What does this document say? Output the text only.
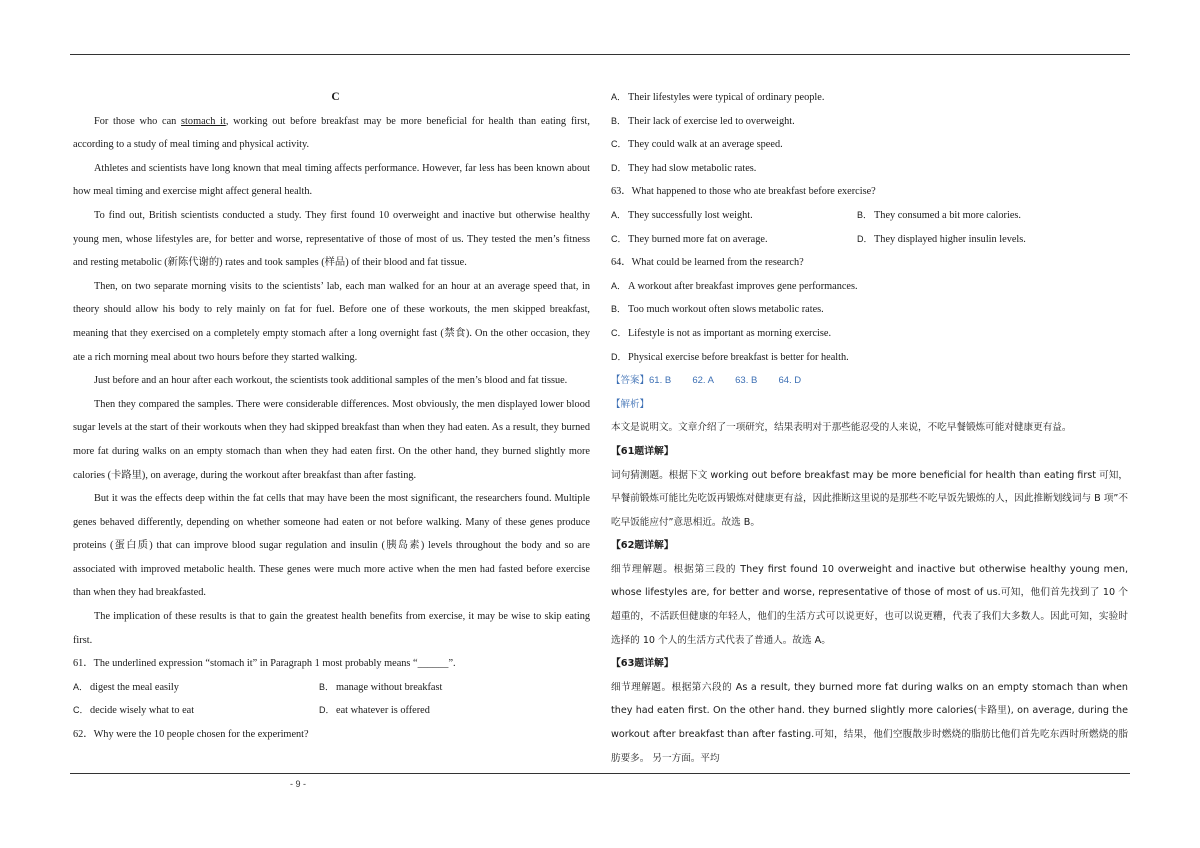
C

For those who can stomach it, working out before breakfast may be more beneficial for health than eating first, according to a study of meal timing and physical activity.

Athletes and scientists have long known that meal timing affects performance. However, far less has been known about how meal timing and exercise might affect general health.

To find out, British scientists conducted a study. They first found 10 overweight and inactive but otherwise healthy young men, whose lifestyles are, for better and worse, representative of those of most of us. They tested the men’s fitness and resting metabolic (新陈代谢的) rates and took samples (样品) of their blood and fat tissue.

Then, on two separate morning visits to the scientists’ lab, each man walked for an hour at an average speed that, in theory should allow his body to rely mainly on fat for fuel. Before one of these workouts, the men skipped breakfast, meaning that they exercised on a completely empty stomach after a long overnight fast (禁食). On the other occasion, they ate a rich morning meal about two hours before they started walking.

Just before and an hour after each workout, the scientists took additional samples of the men’s blood and fat tissue.

Then they compared the samples. There were considerable differences. Most obviously, the men displayed lower blood sugar levels at the start of their workouts when they had skipped breakfast than when they had eaten. As a result, they burned more fat during walks on an empty stomach than when they had eaten first. On the other hand, they burned slightly more calories (卡路里), on average, during the workout after breakfast than after fasting.

But it was the effects deep within the fat cells that may have been the most significant, the researchers found. Multiple genes behaved differently, depending on whether someone had eaten or not before walking. Many of these genes produce proteins (蛋白质) that can improve blood sugar regulation and insulin (胰岛素) levels throughout the body and so are associated with improved metabolic health. These genes were much more active when the men had fasted before exercise than when they had breakfasted.

The implication of these results is that to gain the greatest health benefits from exercise, it may be wise to skip eating first.

61．The underlined expression “stomach it” in Paragraph 1 most probably means “______”.

A． digest the meal easily	B． manage without breakfast
C． decide wisely what to eat	D． eat whatever is offered

62．Why were the 10 people chosen for the experiment?

A． Their lifestyles were typical of ordinary people.

B． Their lack of exercise led to overweight.

C． They could walk at an average speed.

D． They had slow metabolic rates.

63．What happened to those who ate breakfast before exercise?

A． They successfully lost weight.	B． They consumed a bit more calories.
C． They burned more fat on average.	D． They displayed higher insulin levels.

64．What could be learned from the research?

A． A workout after breakfast improves gene performances.

B． Too much workout often slows metabolic rates.

C． Lifestyle is not as important as morning exercise.

D． Physical exercise before breakfast is better for health.

【答案】61. B 62. A 63. B 64. D

【解析】

本文是说明文。文章介绍了一项研究，结果表明对于那些能忍受的人来说，不吃早餐锻炼可能对健康更有益。

【61题详解】

词句猜测题。根据下文 working out before breakfast may be more beneficial for health than eating first 可知，早餐前锻炼可能比先吃饭再锻炼对健康更有益，因此推断这里说的是那些不吃早饭先锻炼的人，因此推断划线词与 B 项”不吃早饭能应付”意思相近。故选 B。

【62题详解】

细节理解题。根据第三段的 They first found 10 overweight and inactive but otherwise healthy young men, whose lifestyles are, for better and worse, representative of those of most of us.可知，他们首先找到了 10 个超重的，不活跃但健康的年轻人，他们的生活方式可以说更好，也可以说更糟，代表了我们大多数人。因此可知，实验时选择的 10 个人的生活方式代表了普通人。故选 A。

【63题详解】

细节理解题。根据第六段的 As a result, they burned more fat during walks on an empty stomach than when they had eaten first. On the other hand. they burned slightly more calories(卡路里), on average, during the workout after breakfast than after fasting.可知，结果，他们空腹散步时燃烧的脂肪比他们首先吃东西时所燃烧的脂肪要多。 另一方面。平均

- 9 -
